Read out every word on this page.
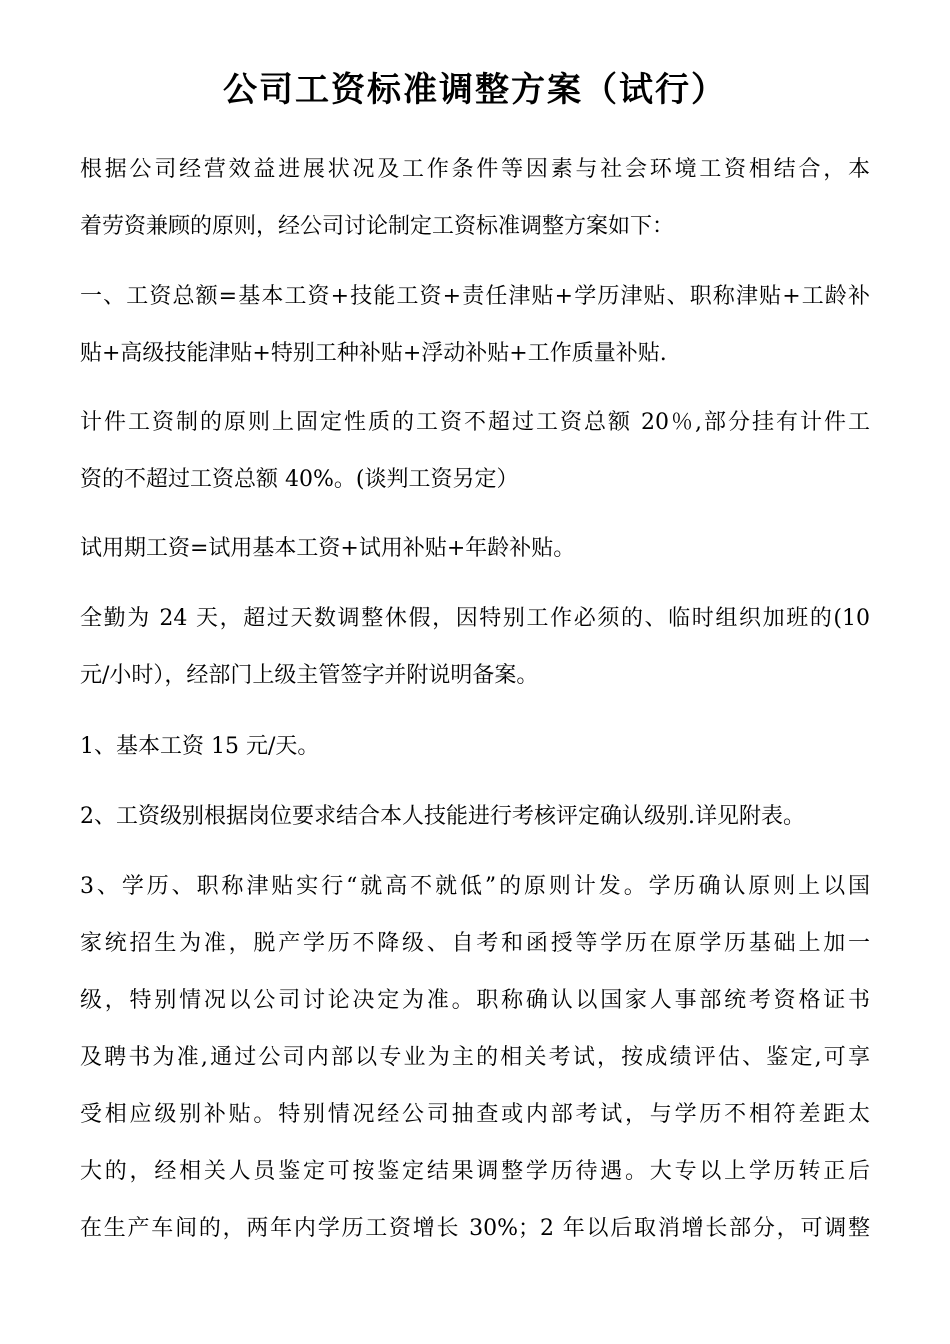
公司工资标准调整方案（试行）
根据公司经营效益进展状况及工作条件等因素与社会环境工资相结合，本
着劳资兼顾的原则，经公司讨论制定工资标准调整方案如下：
一、工资总额=基本工资+技能工资+责任津贴+学历津贴、职称津贴+工龄补
贴+高级技能津贴+特别工种补贴+浮动补贴+工作质量补贴.
计件工资制的原则上固定性质的工资不超过工资总额 20％,部分挂有计件工
资的不超过工资总额 40%。(谈判工资另定）
试用期工资=试用基本工资+试用补贴+年龄补贴。
全勤为 24 天，超过天数调整休假，因特别工作必须的、临时组织加班的(10
元/小时），经部门上级主管签字并附说明备案。
1、基本工资 15 元/天。
2、工资级别根据岗位要求结合本人技能进行考核评定确认级别.详见附表。
3、学历、职称津贴实行“就高不就低”的原则计发。学历确认原则上以国
家统招生为准，脱产学历不降级、自考和函授等学历在原学历基础上加一
级，特别情况以公司讨论决定为准。职称确认以国家人事部统考资格证书
及聘书为准,通过公司内部以专业为主的相关考试，按成绩评估、鉴定,可享
受相应级别补贴。特别情况经公司抽查或内部考试，与学历不相符差距太
大的，经相关人员鉴定可按鉴定结果调整学历待遇。大专以上学历转正后
在生产车间的，两年内学历工资增长 30%；2 年以后取消增长部分，可调整
